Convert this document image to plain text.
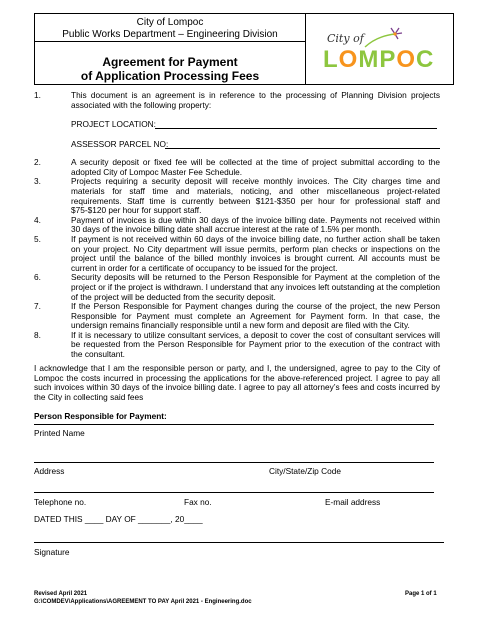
City of Lompoc
Public Works Department – Engineering Division
Agreement for Payment
of Application Processing Fees
City of
LOMPOC
1.	This document is an agreement is in reference to the processing of Planning Division projects associated with the following property:
PROJECT LOCATION:
ASSESSOR PARCEL NO:
2.	A security deposit or fixed fee will be collected at the time of project submittal according to the adopted City of Lompoc Master Fee Schedule.
3.	Projects requiring a security deposit will receive monthly invoices. The City charges time and materials for staff time and materials, noticing, and other miscellaneous project-related requirements. Staff time is currently between $121-$350 per hour for professional staff and $75-$120 per hour for support staff.
4.	Payment of invoices is due within 30 days of the invoice billing date. Payments not received within 30 days of the invoice billing date shall accrue interest at the rate of 1.5% per month.
5.	If payment is not received within 60 days of the invoice billing date, no further action shall be taken on your project. No City department will issue permits, perform plan checks or inspections on the project until the balance of the billed monthly invoices is brought current. All accounts must be current in order for a certificate of occupancy to be issued for the project.
6.	Security deposits will be returned to the Person Responsible for Payment at the completion of the project or if the project is withdrawn. I understand that any invoices left outstanding at the completion of the project will be deducted from the security deposit.
7.	If the Person Responsible for Payment changes during the course of the project, the new Person Responsible for Payment must complete an Agreement for Payment form. In that case, the undersign remains financially responsible until a new form and deposit are filed with the City.
8.	If it is necessary to utilize consultant services, a deposit to cover the cost of consultant services will be requested from the Person Responsible for Payment prior to the execution of the contract with the consultant.
I acknowledge that I am the responsible person or party, and I, the undersigned, agree to pay to the City of Lompoc the costs incurred in processing the applications for the above-referenced project. I agree to pay all such invoices within 30 days of the invoice billing date. I agree to pay all attorney’s fees and costs incurred by the City in collecting said fees
Person Responsible for Payment:
Printed Name
Address	City/State/Zip Code
Telephone no.	Fax no.	E-mail address
DATED THIS ____ DAY OF _______, 20____
Signature
Revised April 2021
G:\COMDEV\Applications\AGREEMENT TO PAY April 2021 - Engineering.doc
Page 1 of 1
